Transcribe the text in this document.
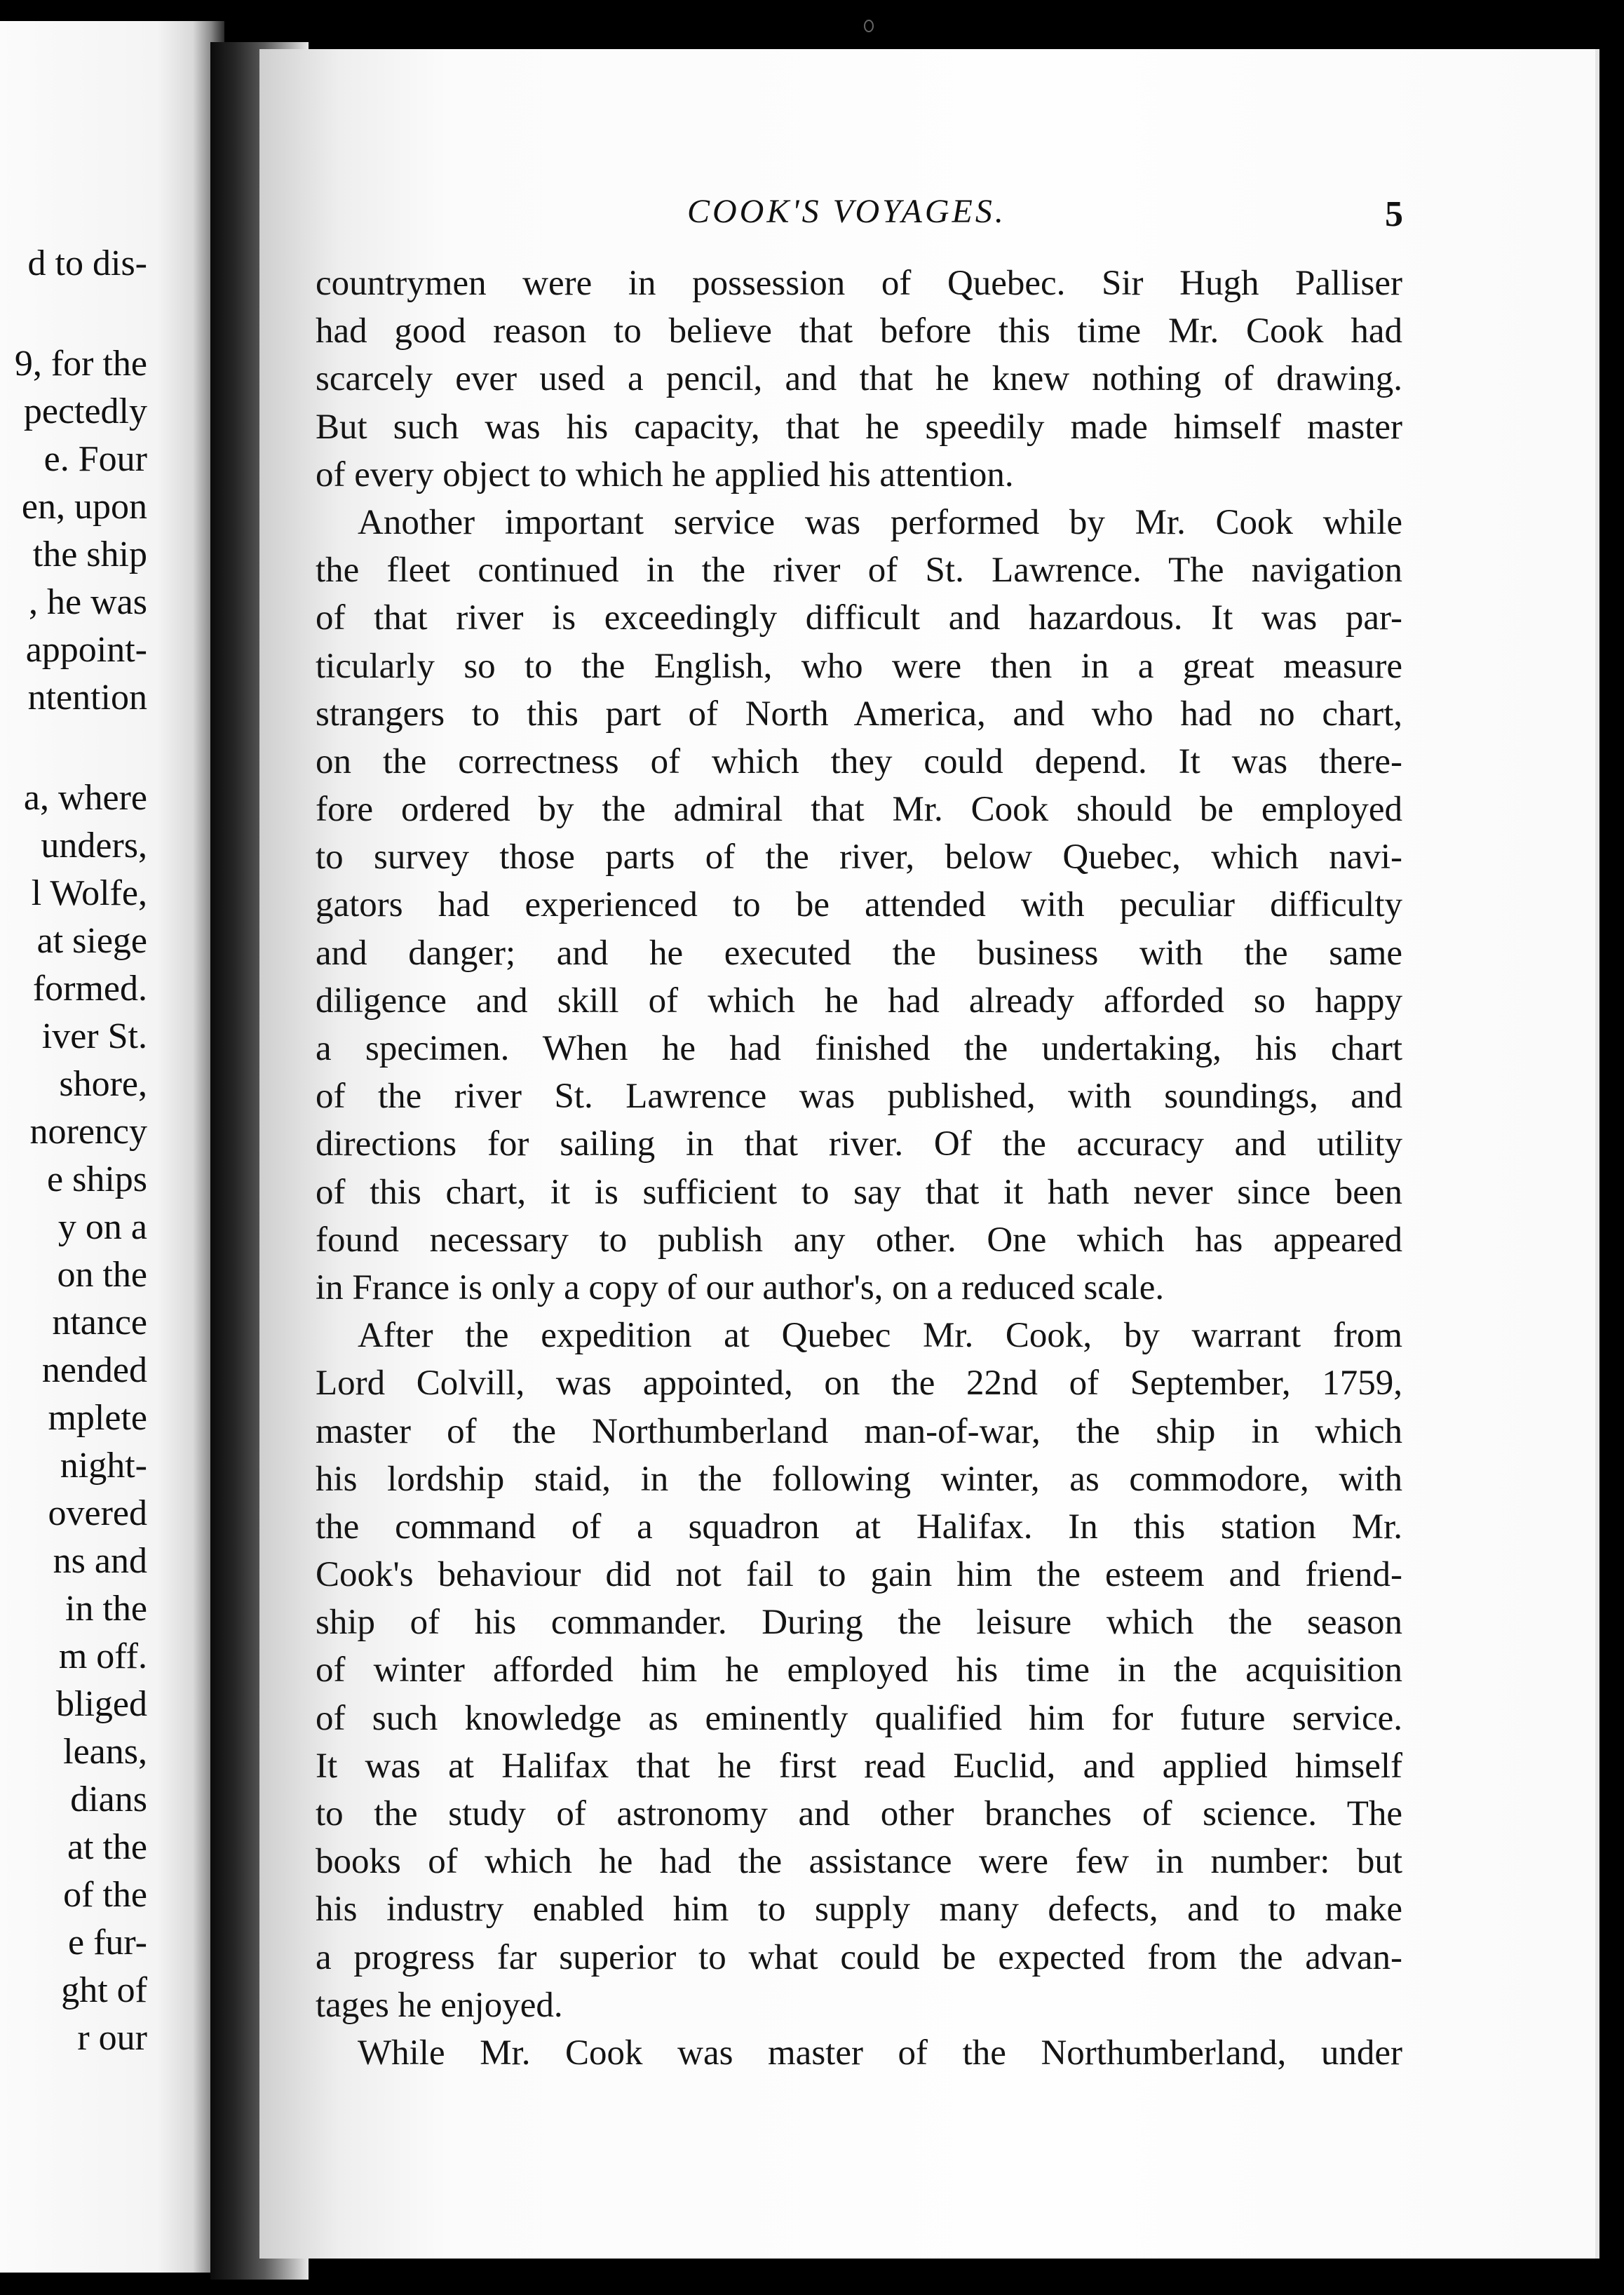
d to dis-
9, for the
pectedly
e. Four
en, upon
the ship
, he was
appoint-
ntention
a, where
unders,
l Wolfe,
at siege
formed.
iver St.
shore,
norency
e ships
y on a
on the
ntance
nended
mplete
night-
overed
ns and
in the
m off.
bliged
leans,
dians
at the
of the
e fur-
ght of
r our
COOK'S VOYAGES.	5
countrymen were in possession of Quebec. Sir Hugh Palliser
had good reason to believe that before this time Mr. Cook had
scarcely ever used a pencil, and that he knew nothing of drawing.
But such was his capacity, that he speedily made himself master
of every object to which he applied his attention.
Another important service was performed by Mr. Cook while
the fleet continued in the river of St. Lawrence. The navigation
of that river is exceedingly difficult and hazardous. It was par-
ticularly so to the English, who were then in a great measure
strangers to this part of North America, and who had no chart,
on the correctness of which they could depend. It was there-
fore ordered by the admiral that Mr. Cook should be employed
to survey those parts of the river, below Quebec, which navi-
gators had experienced to be attended with peculiar difficulty
and danger; and he executed the business with the same
diligence and skill of which he had already afforded so happy
a specimen. When he had finished the undertaking, his chart
of the river St. Lawrence was published, with soundings, and
directions for sailing in that river. Of the accuracy and utility
of this chart, it is sufficient to say that it hath never since been
found necessary to publish any other. One which has appeared
in France is only a copy of our author's, on a reduced scale.
After the expedition at Quebec Mr. Cook, by warrant from
Lord Colvill, was appointed, on the 22nd of September, 1759,
master of the Northumberland man-of-war, the ship in which
his lordship staid, in the following winter, as commodore, with
the command of a squadron at Halifax. In this station Mr.
Cook's behaviour did not fail to gain him the esteem and friend-
ship of his commander. During the leisure which the season
of winter afforded him he employed his time in the acquisition
of such knowledge as eminently qualified him for future service.
It was at Halifax that he first read Euclid, and applied himself
to the study of astronomy and other branches of science. The
books of which he had the assistance were few in number: but
his industry enabled him to supply many defects, and to make
a progress far superior to what could be expected from the advan-
tages he enjoyed.
While Mr. Cook was master of the Northumberland, under
